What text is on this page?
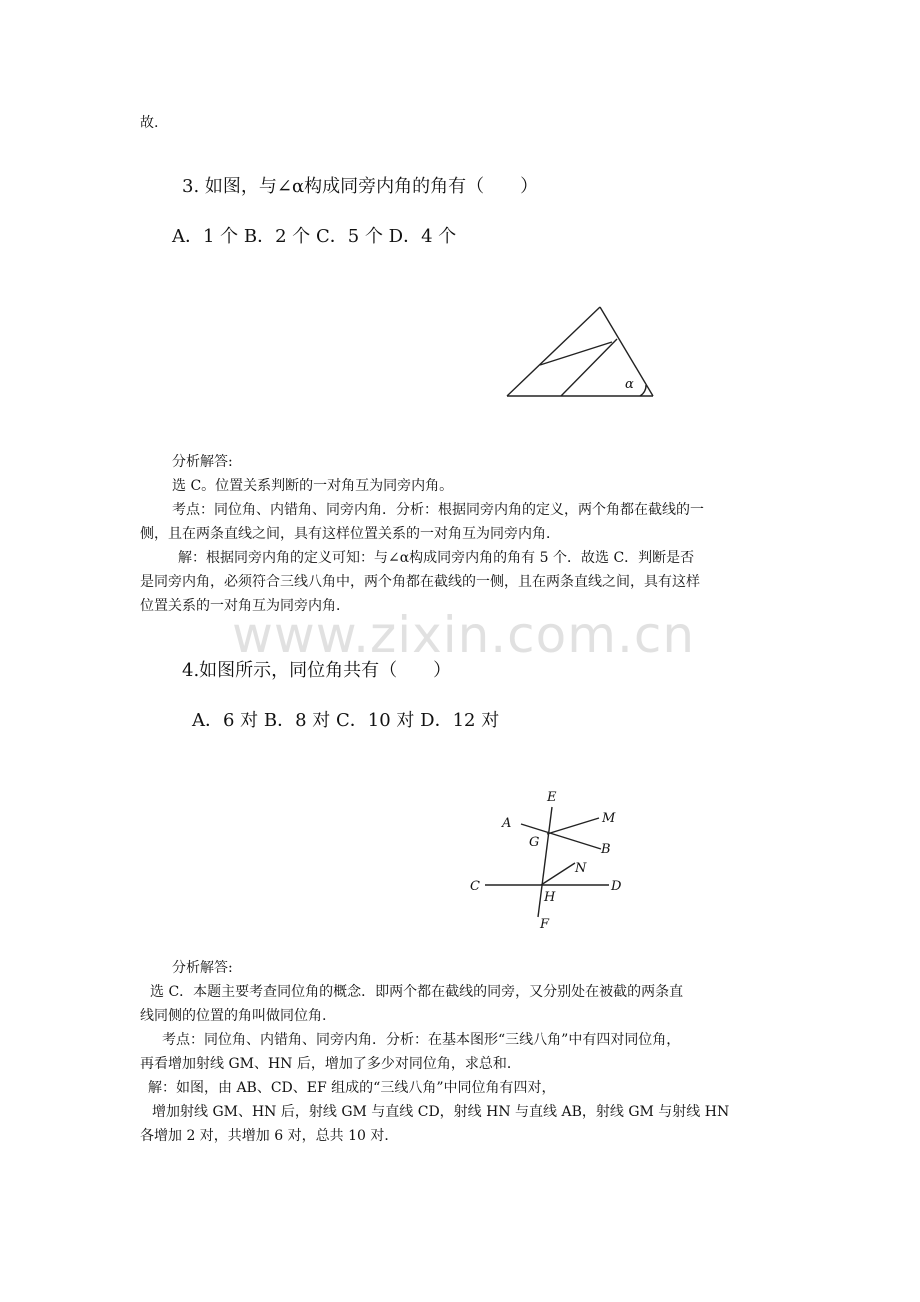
故.
3. 如图，与∠α构成同旁内角的角有（　　）
A．1 个 B．2 个 C．5 个 D．4 个
α
分析解答:
选 C。位置关系判断的一对角互为同旁内角。
考点：同位角、内错角、同旁内角．分析：根据同旁内角的定义，两个角都在截线的一
侧，且在两条直线之间，具有这样位置关系的一对角互为同旁内角．
解：根据同旁内角的定义可知：与∠α构成同旁内角的角有 5 个．故选 C．判断是否
是同旁内角，必须符合三线八角中，两个角都在截线的一侧，且在两条直线之间，具有这样
位置关系的一对角互为同旁内角．
www.zixin.com.cn
4.如图所示，同位角共有（　　）
A．6 对 B．8 对 C．10 对 D．12 对
E
A	M
G	B
N
C	D
H
F
分析解答:
选 C．本题主要考查同位角的概念．即两个都在截线的同旁，又分别处在被截的两条直
线同侧的位置的角叫做同位角.
考点：同位角、内错角、同旁内角．分析：在基本图形“三线八角”中有四对同位角，
再看增加射线 GM、HN 后，增加了多少对同位角，求总和．
解：如图，由 AB、CD、EF 组成的“三线八角”中同位角有四对，
增加射线 GM、HN 后，射线 GM 与直线 CD，射线 HN 与直线 AB，射线 GM 与射线 HN
各增加 2 对，共增加 6 对，总共 10 对．
